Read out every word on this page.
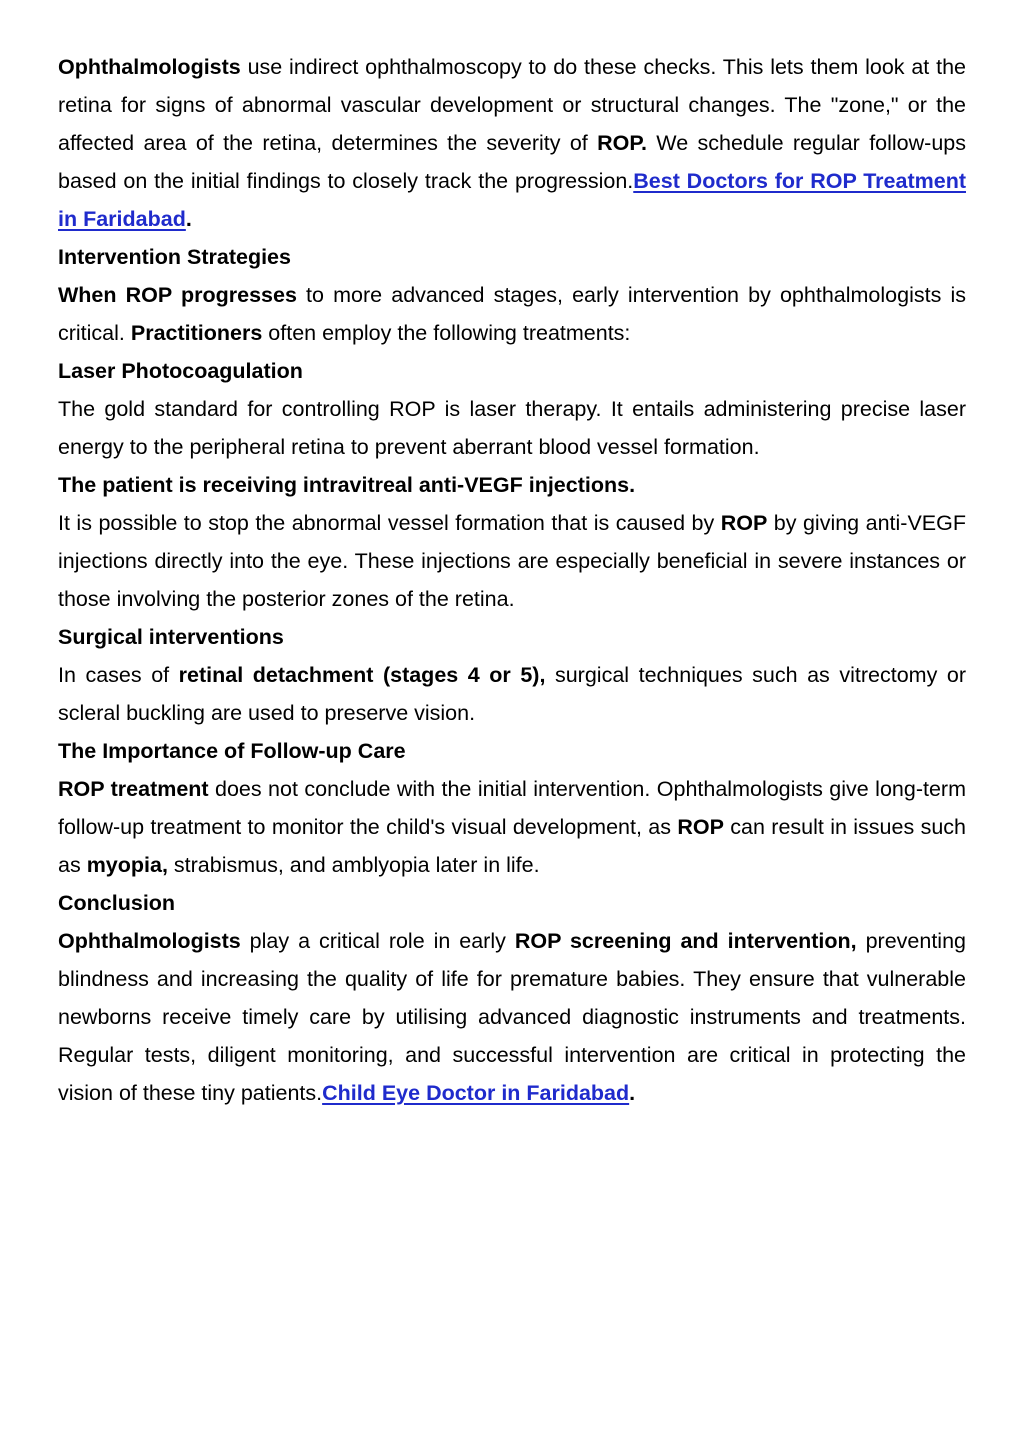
Ophthalmologists use indirect ophthalmoscopy to do these checks. This lets them look at the retina for signs of abnormal vascular development or structural changes. The "zone," or the affected area of the retina, determines the severity of ROP. We schedule regular follow-ups based on the initial findings to closely track the progression.Best Doctors for ROP Treatment in Faridabad.

Intervention Strategies

When ROP progresses to more advanced stages, early intervention by ophthalmologists is critical. Practitioners often employ the following treatments:

Laser Photocoagulation

The gold standard for controlling ROP is laser therapy. It entails administering precise laser energy to the peripheral retina to prevent aberrant blood vessel formation.

The patient is receiving intravitreal anti-VEGF injections.

It is possible to stop the abnormal vessel formation that is caused by ROP by giving anti-VEGF injections directly into the eye. These injections are especially beneficial in severe instances or those involving the posterior zones of the retina.

Surgical interventions

In cases of retinal detachment (stages 4 or 5), surgical techniques such as vitrectomy or scleral buckling are used to preserve vision.

The Importance of Follow-up Care

ROP treatment does not conclude with the initial intervention. Ophthalmologists give long-term follow-up treatment to monitor the child's visual development, as ROP can result in issues such as myopia, strabismus, and amblyopia later in life.

Conclusion

Ophthalmologists play a critical role in early ROP screening and intervention, preventing blindness and increasing the quality of life for premature babies. They ensure that vulnerable newborns receive timely care by utilising advanced diagnostic instruments and treatments. Regular tests, diligent monitoring, and successful intervention are critical in protecting the vision of these tiny patients.Child Eye Doctor in Faridabad.
